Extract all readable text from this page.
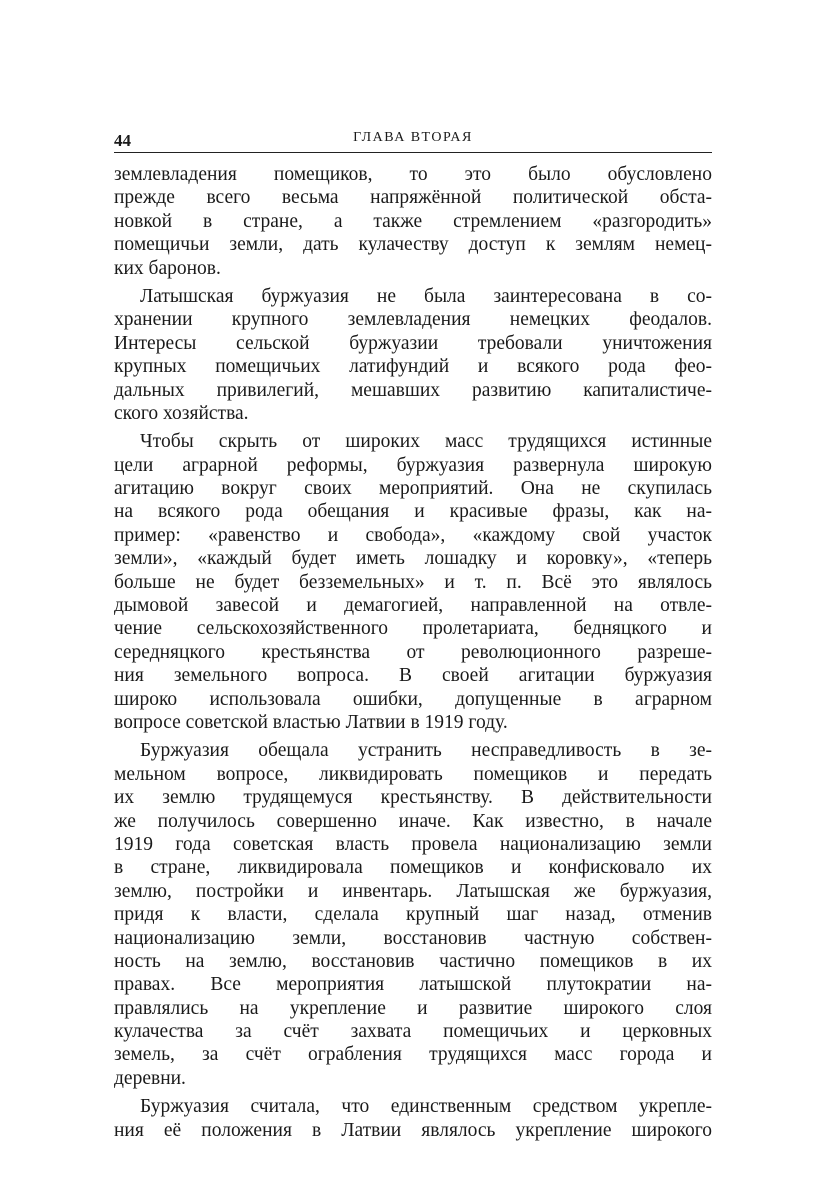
44	ГЛАВА ВТОРАЯ
землевладения помещиков, то это было обусловлено
прежде всего весьма напряжённой политической обста-
новкой в стране, а также стремлением «разгородить»
помещичьи земли, дать кулачеству доступ к землям немец-
ких баронов.
Латышская буржуазия не была заинтересована в со-
хранении крупного землевладения немецких феодалов.
Интересы сельской буржуазии требовали уничтожения
крупных помещичьих латифундий и всякого рода фео-
дальных привилегий, мешавших развитию капиталистиче-
ского хозяйства.
Чтобы скрыть от широких масс трудящихся истинные
цели аграрной реформы, буржуазия развернула широкую
агитацию вокруг своих мероприятий. Она не скупилась
на всякого рода обещания и красивые фразы, как на-
пример: «равенство и свобода», «каждому свой участок
земли», «каждый будет иметь лошадку и коровку», «теперь
больше не будет безземельных» и т. п. Всё это являлось
дымовой завесой и демагогией, направленной на отвле-
чение сельскохозяйственного пролетариата, бедняцкого и
середняцкого крестьянства от революционного разреше-
ния земельного вопроса. В своей агитации буржуазия
широко использовала ошибки, допущенные в аграрном
вопросе советской властью Латвии в 1919 году.
Буржуазия обещала устранить несправедливость в зе-
мельном вопросе, ликвидировать помещиков и передать
их землю трудящемуся крестьянству. В действительности
же получилось совершенно иначе. Как известно, в начале
1919 года советская власть провела национализацию земли
в стране, ликвидировала помещиков и конфисковало их
землю, постройки и инвентарь. Латышская же буржуазия,
придя к власти, сделала крупный шаг назад, отменив
национализацию земли, восстановив частную собствен-
ность на землю, восстановив частично помещиков в их
правах. Все мероприятия латышской плутократии на-
правлялись на укрепление и развитие широкого слоя
кулачества за счёт захвата помещичьих и церковных
земель, за счёт ограбления трудящихся масс города и
деревни.
Буржуазия считала, что единственным средством укрепле-
ния её положения в Латвии являлось укрепление широкого
